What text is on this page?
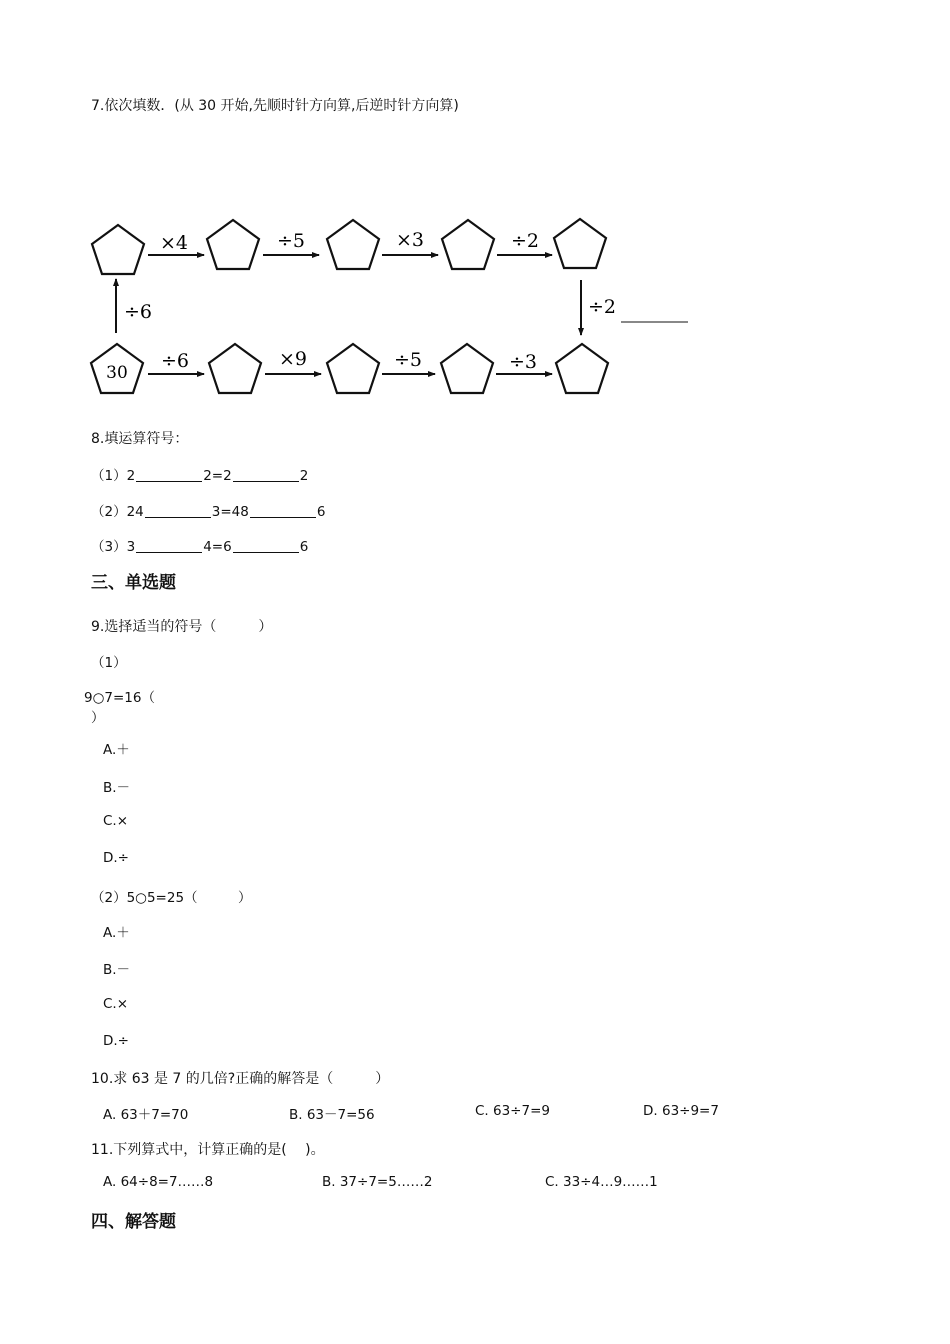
7.依次填数．(从 30 开始,先顺时针方向算,后逆时针方向算)
30
×4	÷5	×3	÷2
÷2
÷6
÷6	×9	÷5	÷3
8.填运算符号：
（1）2	2=2	2
（2）24	3=48	6
（3）3	4=6	6
三、单选题
9.选择适当的符号（　　　）
（1）
9○7=16（
）
A.＋
B.－
C.×
D.÷
（2）5○5=25（　　　）
A.＋
B.－
C.×
D.÷
10.求 63 是 7 的几倍?正确的解答是（　　　）
A. 63＋7=70	B. 63－7=56	C. 63÷7=9	D. 63÷9=7
11.下列算式中，计算正确的是(　 )。
A. 64÷8=7……8	B. 37÷7=5……2	C. 33÷4…9……1
四、解答题
